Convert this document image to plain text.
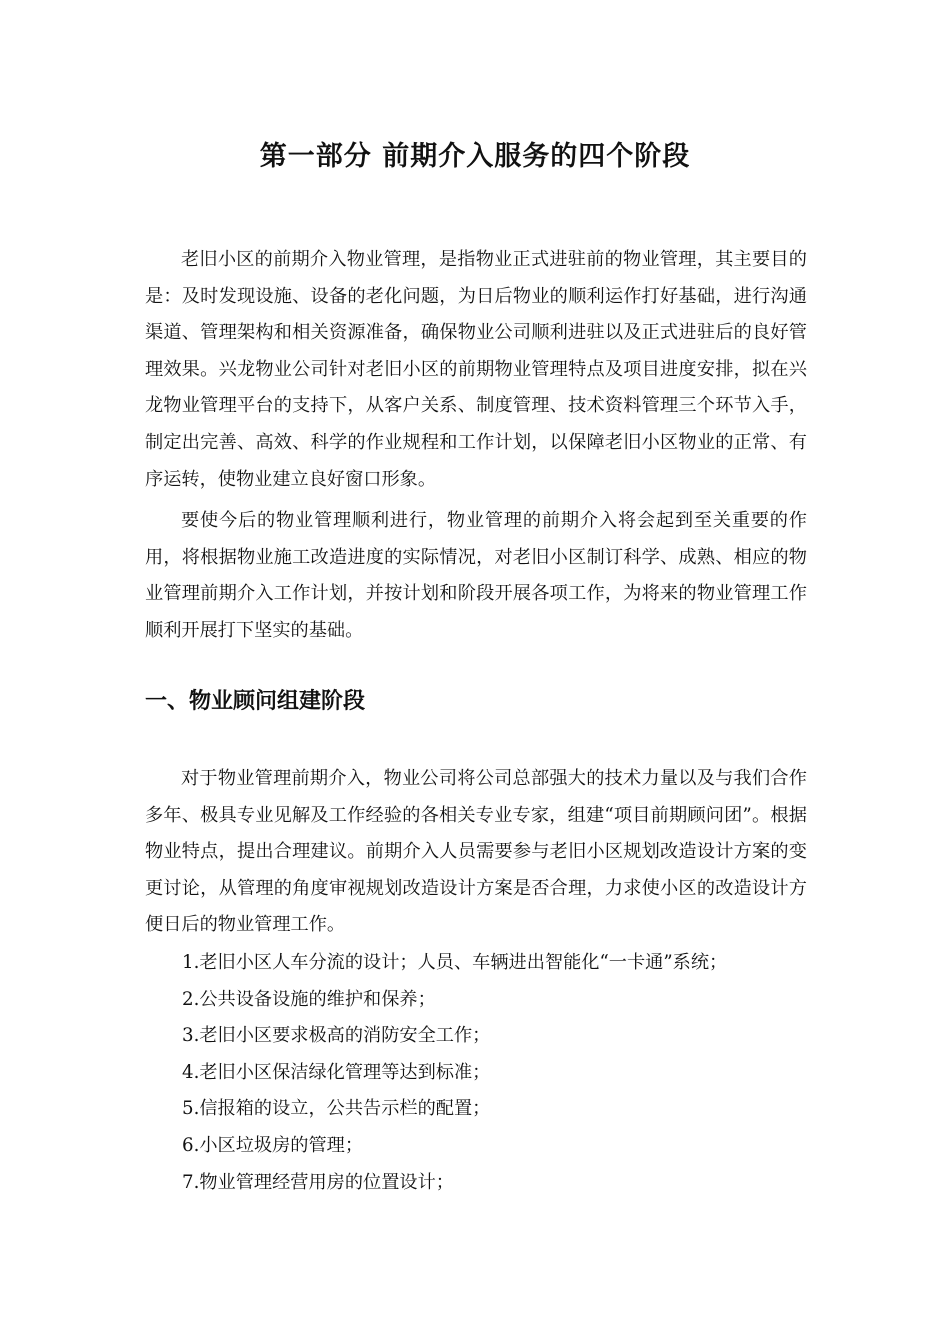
第一部分 前期介入服务的四个阶段

老旧小区的前期介入物业管理，是指物业正式进驻前的物业管理，其主要目的是：及时发现设施、设备的老化问题，为日后物业的顺利运作打好基础，进行沟通渠道、管理架构和相关资源准备，确保物业公司顺利进驻以及正式进驻后的良好管理效果。兴龙物业公司针对老旧小区的前期物业管理特点及项目进度安排，拟在兴龙物业管理平台的支持下，从客户关系、制度管理、技术资料管理三个环节入手，制定出完善、高效、科学的作业规程和工作计划，以保障老旧小区物业的正常、有序运转，使物业建立良好窗口形象。

要使今后的物业管理顺利进行，物业管理的前期介入将会起到至关重要的作用，将根据物业施工改造进度的实际情况，对老旧小区制订科学、成熟、相应的物业管理前期介入工作计划，并按计划和阶段开展各项工作，为将来的物业管理工作顺利开展打下坚实的基础。

一、物业顾问组建阶段

对于物业管理前期介入，物业公司将公司总部强大的技术力量以及与我们合作多年、极具专业见解及工作经验的各相关专业专家，组建“项目前期顾问团”。根据物业特点，提出合理建议。前期介入人员需要参与老旧小区规划改造设计方案的变更讨论，从管理的角度审视规划改造设计方案是否合理，力求使小区的改造设计方便日后的物业管理工作。

1.老旧小区人车分流的设计；人员、车辆进出智能化“一卡通”系统；
2.公共设备设施的维护和保养；
3.老旧小区要求极高的消防安全工作；
4.老旧小区保洁绿化管理等达到标准；
5.信报箱的设立，公共告示栏的配置；
6.小区垃圾房的管理；
7.物业管理经营用房的位置设计；
